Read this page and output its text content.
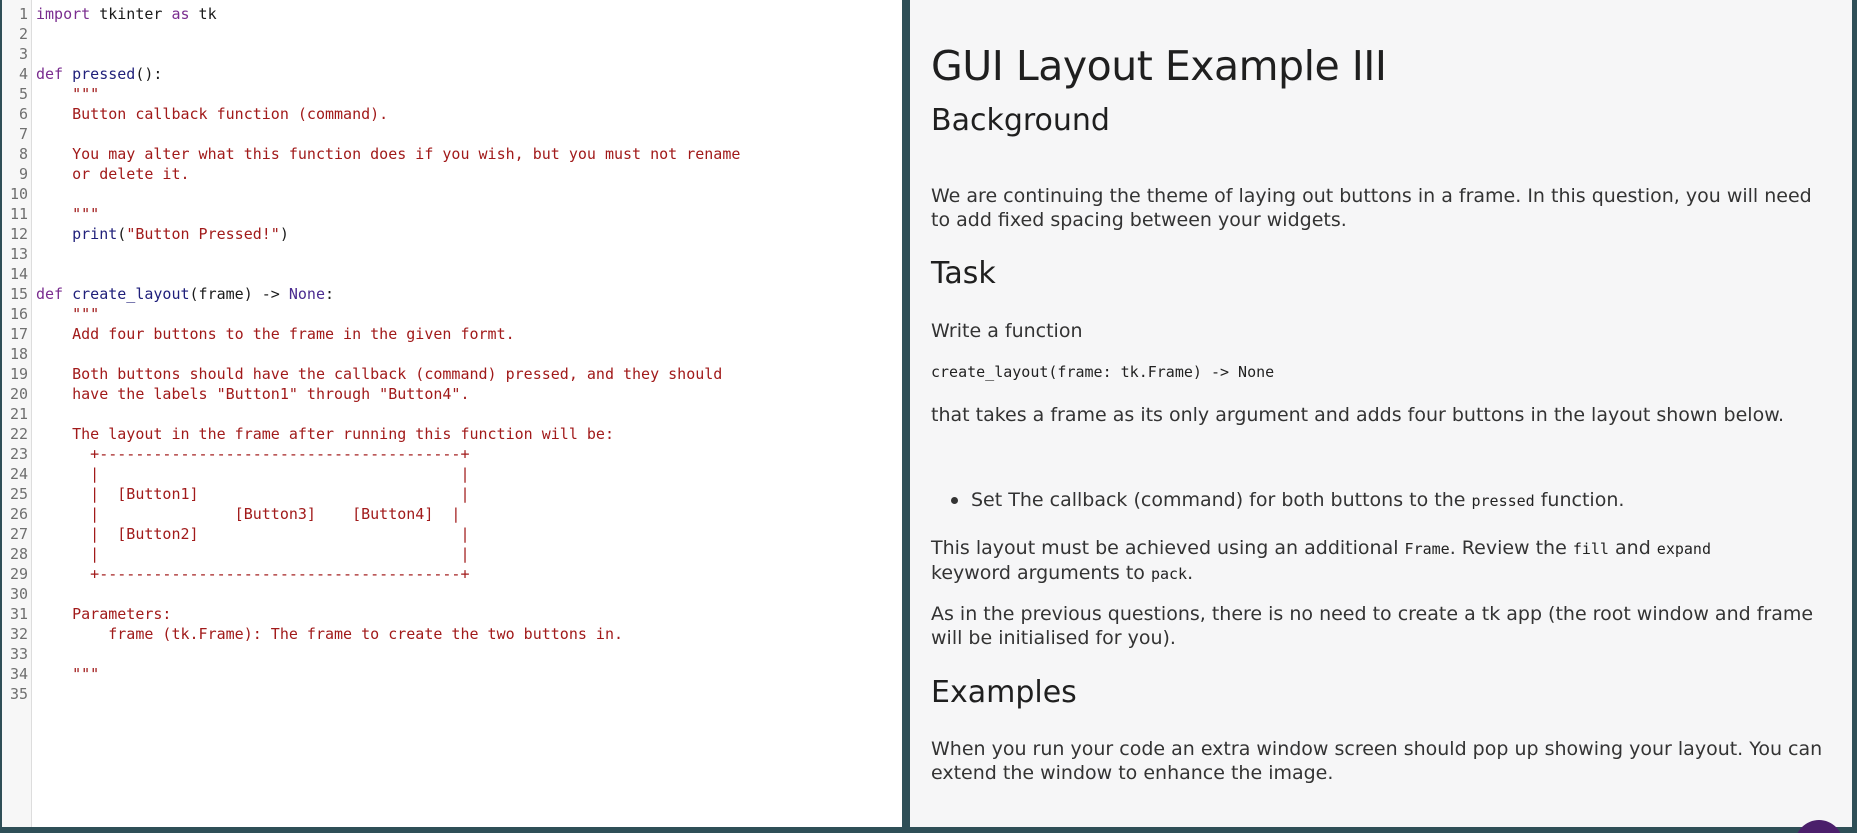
1 import tkinter as tk
2
3
4 def pressed():
5 """
6 Button callback function (command).
7
8 You may alter what this function does if you wish, but you must not rename
9 or delete it.
10
11 """
12	print("Button Pressed!")
13
14
15 def create_layout(frame) -> None:
16 """
17 Add four buttons to the frame in the given formt.
18
19 Both buttons should have the callback (command) pressed, and they should
20 have the labels "Button1" through "Button4".
21
22 The layout in the frame after running this function will be:
23 +----------------------------------------+
24 |                                        |
25 |  [Button1]                             |
26 |               [Button3]    [Button4]  |
27 |  [Button2]                             |
28 |                                        |
29 +----------------------------------------+
30
31 Parameters:
32 frame (tk.Frame): The frame to create the two buttons in.
33
34 """
35
GUI Layout Example III
Background

We are continuing the theme of laying out buttons in a frame. In this question, you will need to add fixed spacing between your widgets.

Task

Write a function

create_layout(frame: tk.Frame) -> None

that takes a frame as its only argument and adds four buttons in the layout shown below.

Set The callback (command) for both buttons to the pressed function.

This layout must be achieved using an additional Frame. Review the fill and expand
keyword arguments to pack.

As in the previous questions, there is no need to create a tk app (the root window and frame will be initialised for you).

Examples

When you run your code an extra window screen should pop up showing your layout. You can extend the window to enhance the image.
